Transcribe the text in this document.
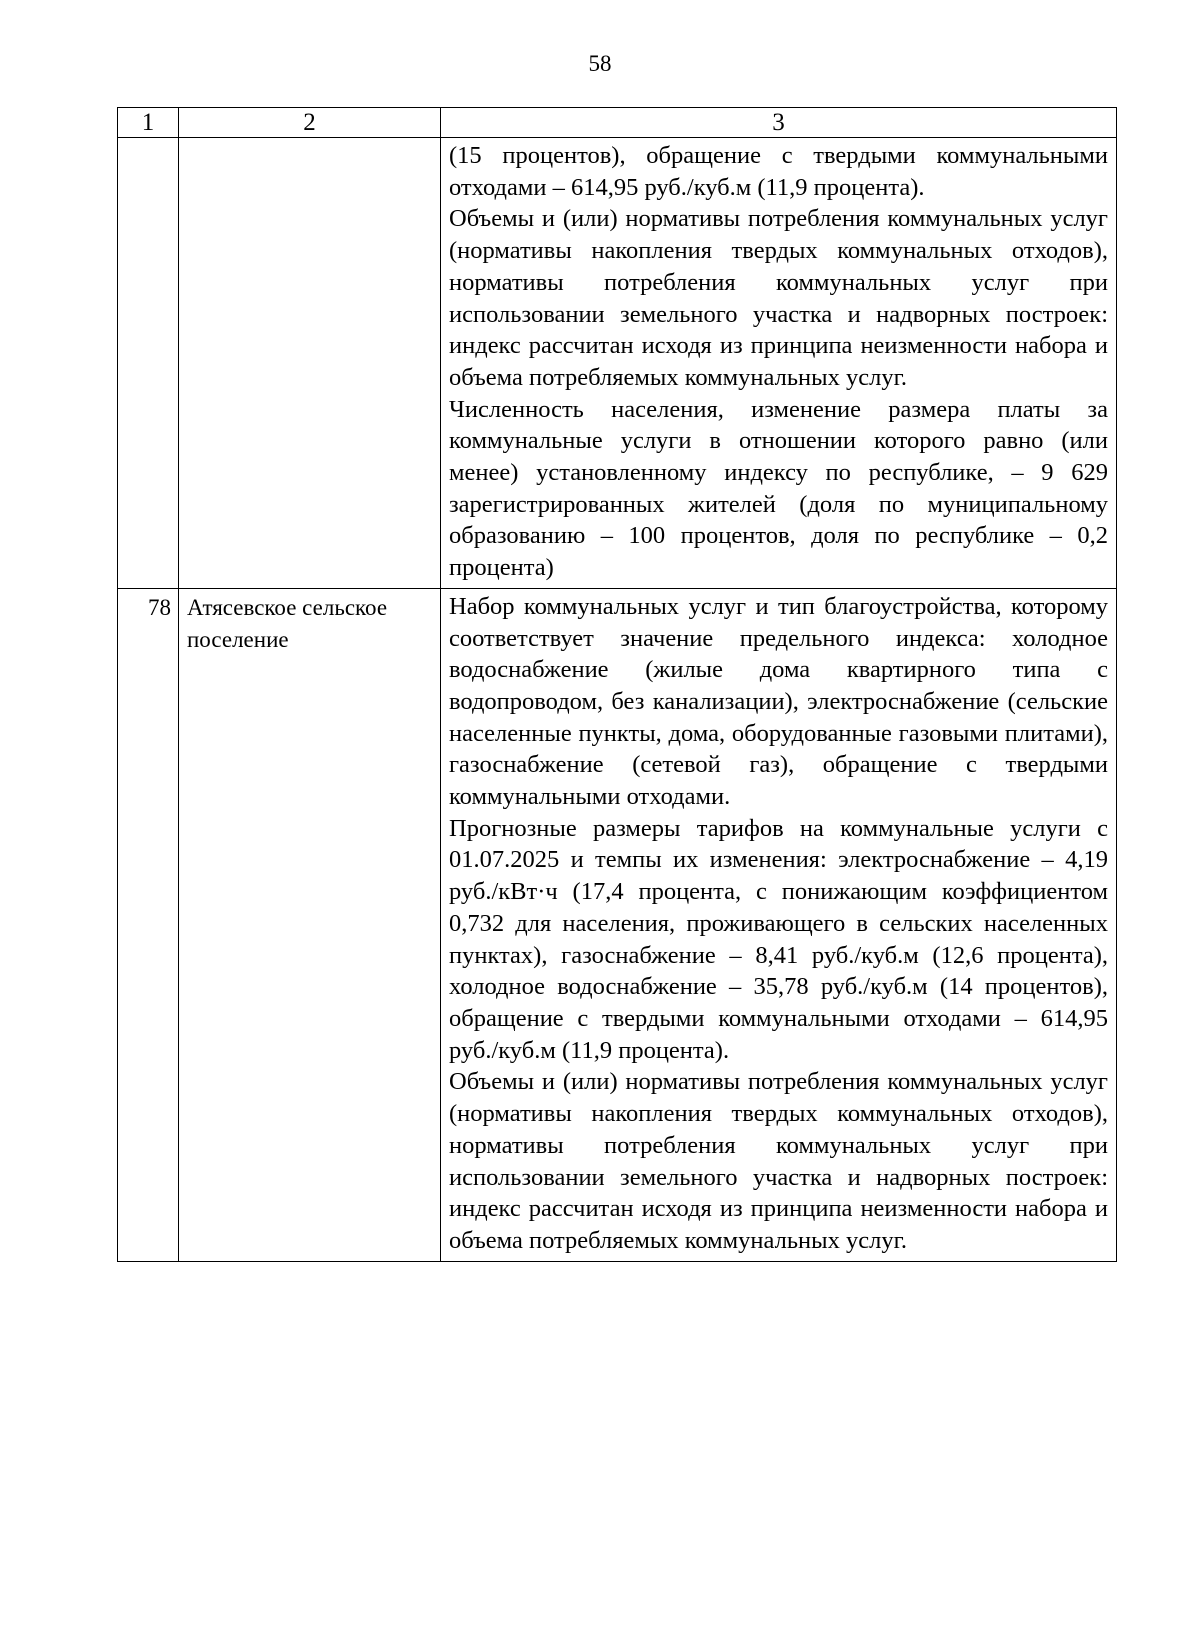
58
1	2	3

		(15 процентов), обращение с твердыми коммунальными отходами – 614,95 руб./куб.м (11,9 процента).

Объемы и (или) нормативы потребления коммунальных услуг (нормативы накопления твердых коммунальных отходов), нормативы потребления коммунальных услуг при использовании земельного участка и надворных построек: индекс рассчитан исходя из принципа неизменности набора и объема потребляемых коммунальных услуг.

Численность населения, изменение размера платы за коммунальные услуги в отношении которого равно (или менее) установленному индексу по республике, – 9 629 зарегистрированных жителей (доля по муниципальному образованию – 100 процентов, доля по республике – 0,2 процента)

78	Атясевское сельское поселение	Набор коммунальных услуг и тип благоустройства, которому соответствует значение предельного индекса: холодное водоснабжение (жилые дома квартирного типа с водопроводом, без канализации), электроснабжение (сельские населенные пункты, дома, оборудованные газовыми плитами), газоснабжение (сетевой газ), обращение с твердыми коммунальными отходами.

Прогнозные размеры тарифов на коммунальные услуги с 01.07.2025 и темпы их изменения: электроснабжение – 4,19 руб./кВт·ч (17,4 процента, с понижающим коэффициентом 0,732 для населения, проживающего в сельских населенных пунктах), газоснабжение – 8,41 руб./куб.м (12,6 процента), холодное водоснабжение – 35,78 руб./куб.м (14 процентов), обращение с твердыми коммунальными отходами – 614,95 руб./куб.м (11,9 процента).

Объемы и (или) нормативы потребления коммунальных услуг (нормативы накопления твердых коммунальных отходов), нормативы потребления коммунальных услуг при использовании земельного участка и надворных построек: индекс рассчитан исходя из принципа неизменности набора и объема потребляемых коммунальных услуг.
